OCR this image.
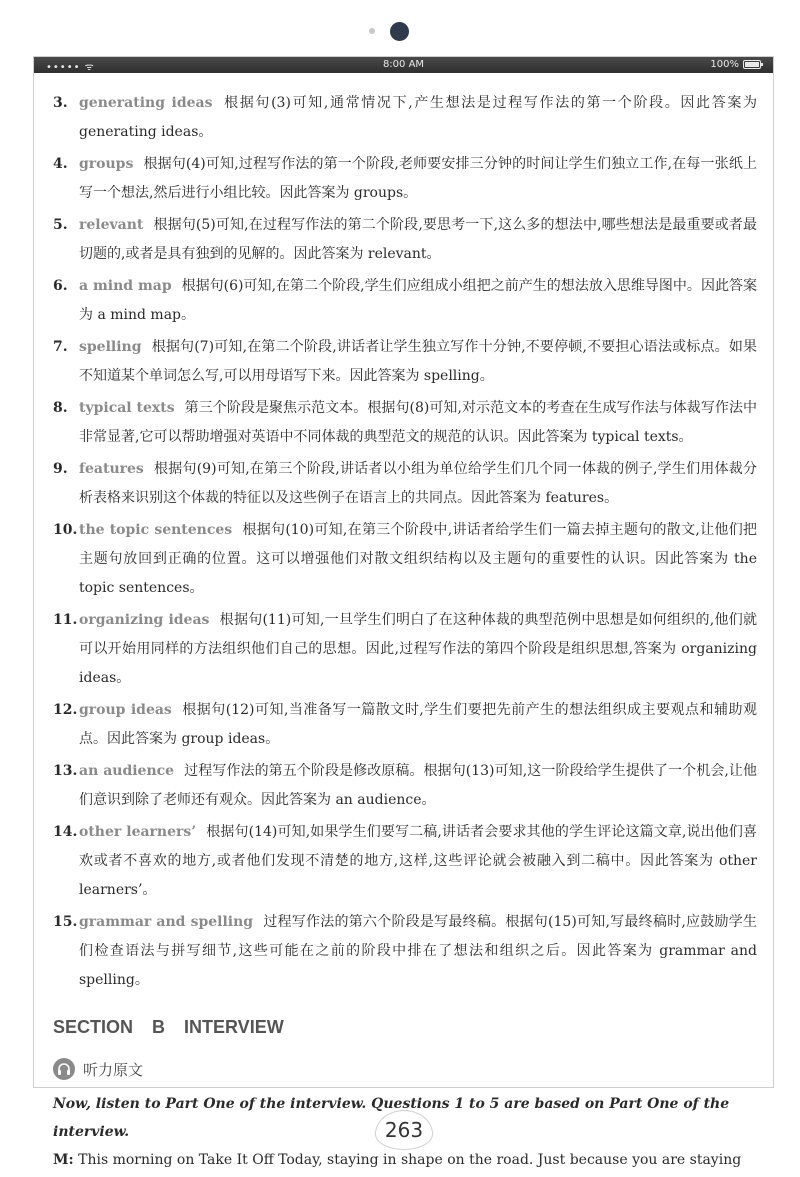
••••• ᯤ	8:00 AM	100%
3. generating ideas 根据句(3)可知,通常情况下,产生想法是过程写作法的第一个阶段。因此答案为 generating ideas。
4. groups 根据句(4)可知,过程写作法的第一个阶段,老师要安排三分钟的时间让学生们独立工作,在每一张纸上写一个想法,然后进行小组比较。因此答案为 groups。
5. relevant 根据句(5)可知,在过程写作法的第二个阶段,要思考一下,这么多的想法中,哪些想法是最重要或者最切题的,或者是具有独到的见解的。因此答案为 relevant。
6. a mind map 根据句(6)可知,在第二个阶段,学生们应组成小组把之前产生的想法放入思维导图中。因此答案为 a mind map。
7. spelling 根据句(7)可知,在第二个阶段,讲话者让学生独立写作十分钟,不要停顿,不要担心语法或标点。如果不知道某个单词怎么写,可以用母语写下来。因此答案为 spelling。
8. typical texts 第三个阶段是聚焦示范文本。根据句(8)可知,对示范文本的考查在生成写作法与体裁写作法中非常显著,它可以帮助增强对英语中不同体裁的典型范文的规范的认识。因此答案为 typical texts。
9. features 根据句(9)可知,在第三个阶段,讲话者以小组为单位给学生们几个同一体裁的例子,学生们用体裁分析表格来识别这个体裁的特征以及这些例子在语言上的共同点。因此答案为 features。
10. the topic sentences 根据句(10)可知,在第三个阶段中,讲话者给学生们一篇去掉主题句的散文,让他们把主题句放回到正确的位置。这可以增强他们对散文组织结构以及主题句的重要性的认识。因此答案为 the topic sentences。
11. organizing ideas 根据句(11)可知,一旦学生们明白了在这种体裁的典型范例中思想是如何组织的,他们就可以开始用同样的方法组织他们自己的思想。因此,过程写作法的第四个阶段是组织思想,答案为 organizing ideas。
12. group ideas 根据句(12)可知,当准备写一篇散文时,学生们要把先前产生的想法组织成主要观点和辅助观点。因此答案为 group ideas。
13. an audience 过程写作法的第五个阶段是修改原稿。根据句(13)可知,这一阶段给学生提供了一个机会,让他们意识到除了老师还有观众。因此答案为 an audience。
14. other learners’ 根据句(14)可知,如果学生们要写二稿,讲话者会要求其他的学生评论这篇文章,说出他们喜欢或者不喜欢的地方,或者他们发现不清楚的地方,这样,这些评论就会被融入到二稿中。因此答案为 other learners’。
15. grammar and spelling 过程写作法的第六个阶段是写最终稿。根据句(15)可知,写最终稿时,应鼓励学生们检查语法与拼写细节,这些可能在之前的阶段中排在了想法和组织之后。因此答案为 grammar and spelling。
SECTION B INTERVIEW
听力原文
Now, listen to Part One of the interview. Questions 1 to 5 are based on Part One of the interview.
M: This morning on Take It Off Today, staying in shape on the road. Just because you are staying
263
